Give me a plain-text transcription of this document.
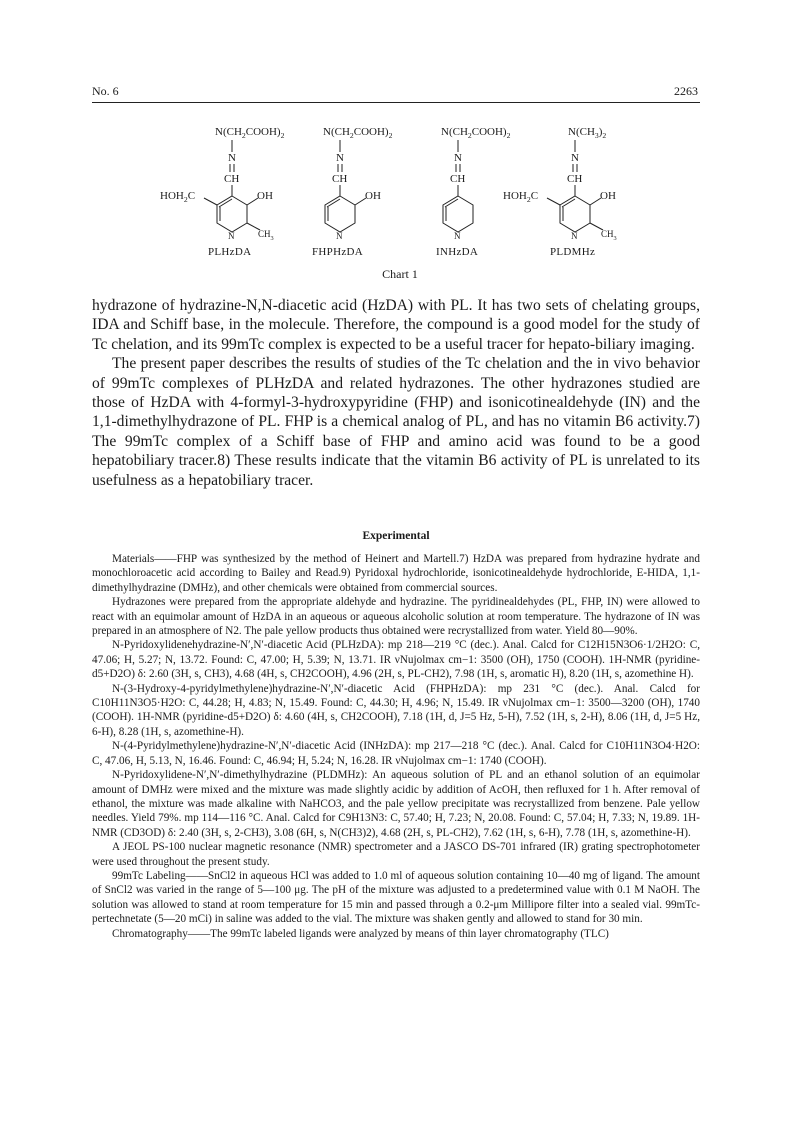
No. 6	2263
$N(CH_2COOH)_2$
N
CH
$HOH_2C$	OH
N	$CH_3$
$N(CH_2COOH)_2$
N
CH
OH
N
$N(CH_2COOH)_2$
N
CH
N
$N(CH_3)_2$
N
CH
$HOH_2C$	OH
N	$CH_3$
PLHzDA	FHPHzDA	INHzDA	PLDMHz
Chart 1

hydrazone of hydrazine-N,N-diacetic acid (HzDA) with PL. It has two sets of chelating groups, IDA and Schiff base, in the molecule. Therefore, the compound is a good model for the study of Tc chelation, and its 99mTc complex is expected to be a useful tracer for hepato-biliary imaging.

The present paper describes the results of studies of the Tc chelation and the in vivo behavior of 99mTc complexes of PLHzDA and related hydrazones. The other hydrazones studied are those of HzDA with 4-formyl-3-hydroxypyridine (FHP) and isonicotinealdehyde (IN) and the 1,1-dimethylhydrazone of PL. FHP is a chemical analog of PL, and has no vitamin B6 activity.7) The 99mTc complex of a Schiff base of FHP and amino acid was found to be a good hepatobiliary tracer.8) These results indicate that the vitamin B6 activity of PL is unrelated to its usefulness as a hepatobiliary tracer.

Experimental

Materials——FHP was synthesized by the method of Heinert and Martell.7) HzDA was prepared from hydrazine hydrate and monochloroacetic acid according to Bailey and Read.9) Pyridoxal hydrochloride, isonicotinealdehyde hydrochloride, E-HIDA, 1,1-dimethylhydrazine (DMHz), and other chemicals were obtained from commercial sources.

Hydrazones were prepared from the appropriate aldehyde and hydrazine. The pyridinealdehydes (PL, FHP, IN) were allowed to react with an equimolar amount of HzDA in an aqueous or aqueous alcoholic solution at room temperature. The hydrazone of IN was prepared in an atmosphere of N2. The pale yellow products thus obtained were recrystallized from water. Yield 80—90%.

N-Pyridoxylidenehydrazine-N′,N′-diacetic Acid (PLHzDA): mp 218—219 °C (dec.). Anal. Calcd for C12H15N3O6·1/2H2O: C, 47.06; H, 5.27; N, 13.72. Found: C, 47.00; H, 5.39; N, 13.71. IR νNujolmax cm−1: 3500 (OH), 1750 (COOH). 1H-NMR (pyridine-d5+D2O) δ: 2.60 (3H, s, CH3), 4.68 (4H, s, CH2COOH), 4.96 (2H, s, PL-CH2), 7.98 (1H, s, aromatic H), 8.20 (1H, s, azomethine H).

N-(3-Hydroxy-4-pyridylmethylene)hydrazine-N′,N′-diacetic Acid (FHPHzDA): mp 231 °C (dec.). Anal. Calcd for C10H11N3O5·H2O: C, 44.28; H, 4.83; N, 15.49. Found: C, 44.30; H, 4.96; N, 15.49. IR νNujolmax cm−1: 3500—3200 (OH), 1740 (COOH). 1H-NMR (pyridine-d5+D2O) δ: 4.60 (4H, s, CH2COOH), 7.18 (1H, d, J=5 Hz, 5-H), 7.52 (1H, s, 2-H), 8.06 (1H, d, J=5 Hz, 6-H), 8.28 (1H, s, azomethine-H).

N-(4-Pyridylmethylene)hydrazine-N′,N′-diacetic Acid (INHzDA): mp 217—218 °C (dec.). Anal. Calcd for C10H11N3O4·H2O: C, 47.06, H, 5.13, N, 16.46. Found: C, 46.94; H, 5.24; N, 16.28. IR νNujolmax cm−1: 1740 (COOH).

N-Pyridoxylidene-N′,N′-dimethylhydrazine (PLDMHz): An aqueous solution of PL and an ethanol solution of an equimolar amount of DMHz were mixed and the mixture was made slightly acidic by addition of AcOH, then refluxed for 1 h. After removal of ethanol, the mixture was made alkaline with NaHCO3, and the pale yellow precipitate was recrystallized from benzene. Pale yellow needles. Yield 79%. mp 114—116 °C. Anal. Calcd for C9H13N3: C, 57.40; H, 7.23; N, 20.08. Found: C, 57.04; H, 7.33; N, 19.89. 1H-NMR (CD3OD) δ: 2.40 (3H, s, 2-CH3), 3.08 (6H, s, N(CH3)2), 4.68 (2H, s, PL-CH2), 7.62 (1H, s, 6-H), 7.78 (1H, s, azomethine-H).

A JEOL PS-100 nuclear magnetic resonance (NMR) spectrometer and a JASCO DS-701 infrared (IR) grating spectrophotometer were used throughout the present study.

99mTc Labeling——SnCl2 in aqueous HCl was added to 1.0 ml of aqueous solution containing 10—40 mg of ligand. The amount of SnCl2 was varied in the range of 5—100 μg. The pH of the mixture was adjusted to a predetermined value with 0.1 M NaOH. The solution was allowed to stand at room temperature for 15 min and passed through a 0.2-μm Millipore filter into a sealed vial. 99mTc-pertechnetate (5—20 mCi) in saline was added to the vial. The mixture was shaken gently and allowed to stand for 30 min.

Chromatography——The 99mTc labeled ligands were analyzed by means of thin layer chromatography (TLC)
